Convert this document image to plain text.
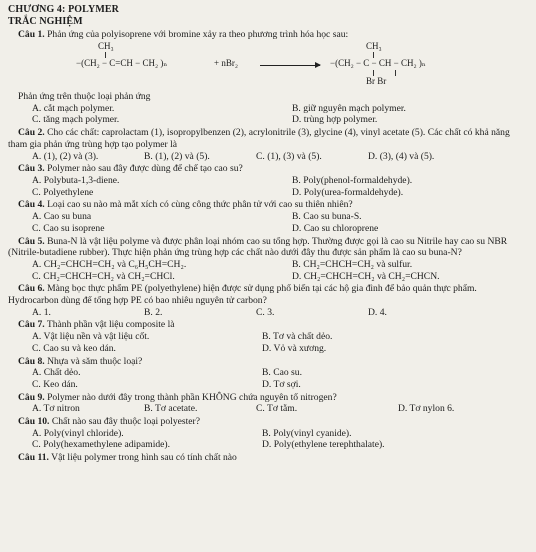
CHƯƠNG 4: POLYMER
TRẮC NGHIỆM
Câu 1. Phản ứng của polyisoprene với bromine xảy ra theo phương trình hóa học sau:
CH₃
−(CH₂ − C=CH − CH₂ )ₙ	+ nBr₂
CH₃
−(CH₂ − C − CH − CH₂ )ₙ
Br Br
Phản ứng trên thuộc loại phản ứng
A. cắt mạch polymer.	B. giữ nguyên mạch polymer.
C. tăng mạch polymer.	D. trùng hợp polymer.
Câu 2. Cho các chất: caprolactam (1), isopropylbenzen (2), acrylonitrile (3), glycine (4), vinyl acetate (5). Các chất có khả năng tham gia phản ứng trùng hợp tạo polymer là
A. (1), (2) và (3).	B. (1), (2) và (5).	C. (1), (3) và (5).	D. (3), (4) và (5).
Câu 3. Polymer nào sau đây được dùng để chế tạo cao su?
A. Polybuta-1,3-diene.	B. Poly(phenol-formaldehyde).
C. Polyethylene	D. Poly(urea-formaldehyde).
Câu 4. Loại cao su nào mà mắt xích có cùng công thức phân tử với cao su thiên nhiên?
A. Cao su buna	B. Cao su buna-S.
C. Cao su isoprene	D. Cao su chloroprene
Câu 5. Buna-N là vật liệu polyme và được phân loại nhóm cao su tổng hợp. Thường được gọi là cao su Nitrile hay cao su NBR (Nitrile-butadiene rubber). Thực hiện phản ứng trùng hợp các chất nào dưới đây thu được sản phẩm là cao su buna-N?
A. CH₂=CHCH=CH₂ và C₆H₅CH=CH₂.	B. CH₂=CHCH=CH₂ và sulfur.
C. CH₂=CHCH=CH₂ và CH₂=CHCl.	D. CH₂=CHCH=CH₂ và CH₂=CHCN.
Câu 6. Màng bọc thực phẩm PE (polyethylene) hiện được sử dụng phổ biến tại các hộ gia đình để bảo quản thực phẩm. Hydrocarbon dùng để tổng hợp PE có bao nhiêu nguyên tử carbon?
A. 1.	B. 2.	C. 3.	D. 4.
Câu 7. Thành phần vật liệu composite là
A. Vật liệu nền và vật liệu cốt.	B. Tơ và chất dẻo.
C. Cao su và keo dán.	D. Vỏ và xương.
Câu 8. Nhựa và săm thuộc loại?
A. Chất dẻo.	B. Cao su.
C. Keo dán.	D. Tơ sợi.
Câu 9. Polymer nào dưới đây trong thành phần KHÔNG chứa nguyên tố nitrogen?
A. Tơ nitron	B. Tơ acetate.	C. Tơ tằm.	D. Tơ nylon 6.
Câu 10. Chất nào sau đây thuộc loại polyester?
A. Poly(vinyl chloride).	B. Poly(vinyl cyanide).
C. Poly(hexamethylene adipamide).	D. Poly(ethylene terephthalate).
Câu 11. Vật liệu polymer trong hình sau có tính chất nào
